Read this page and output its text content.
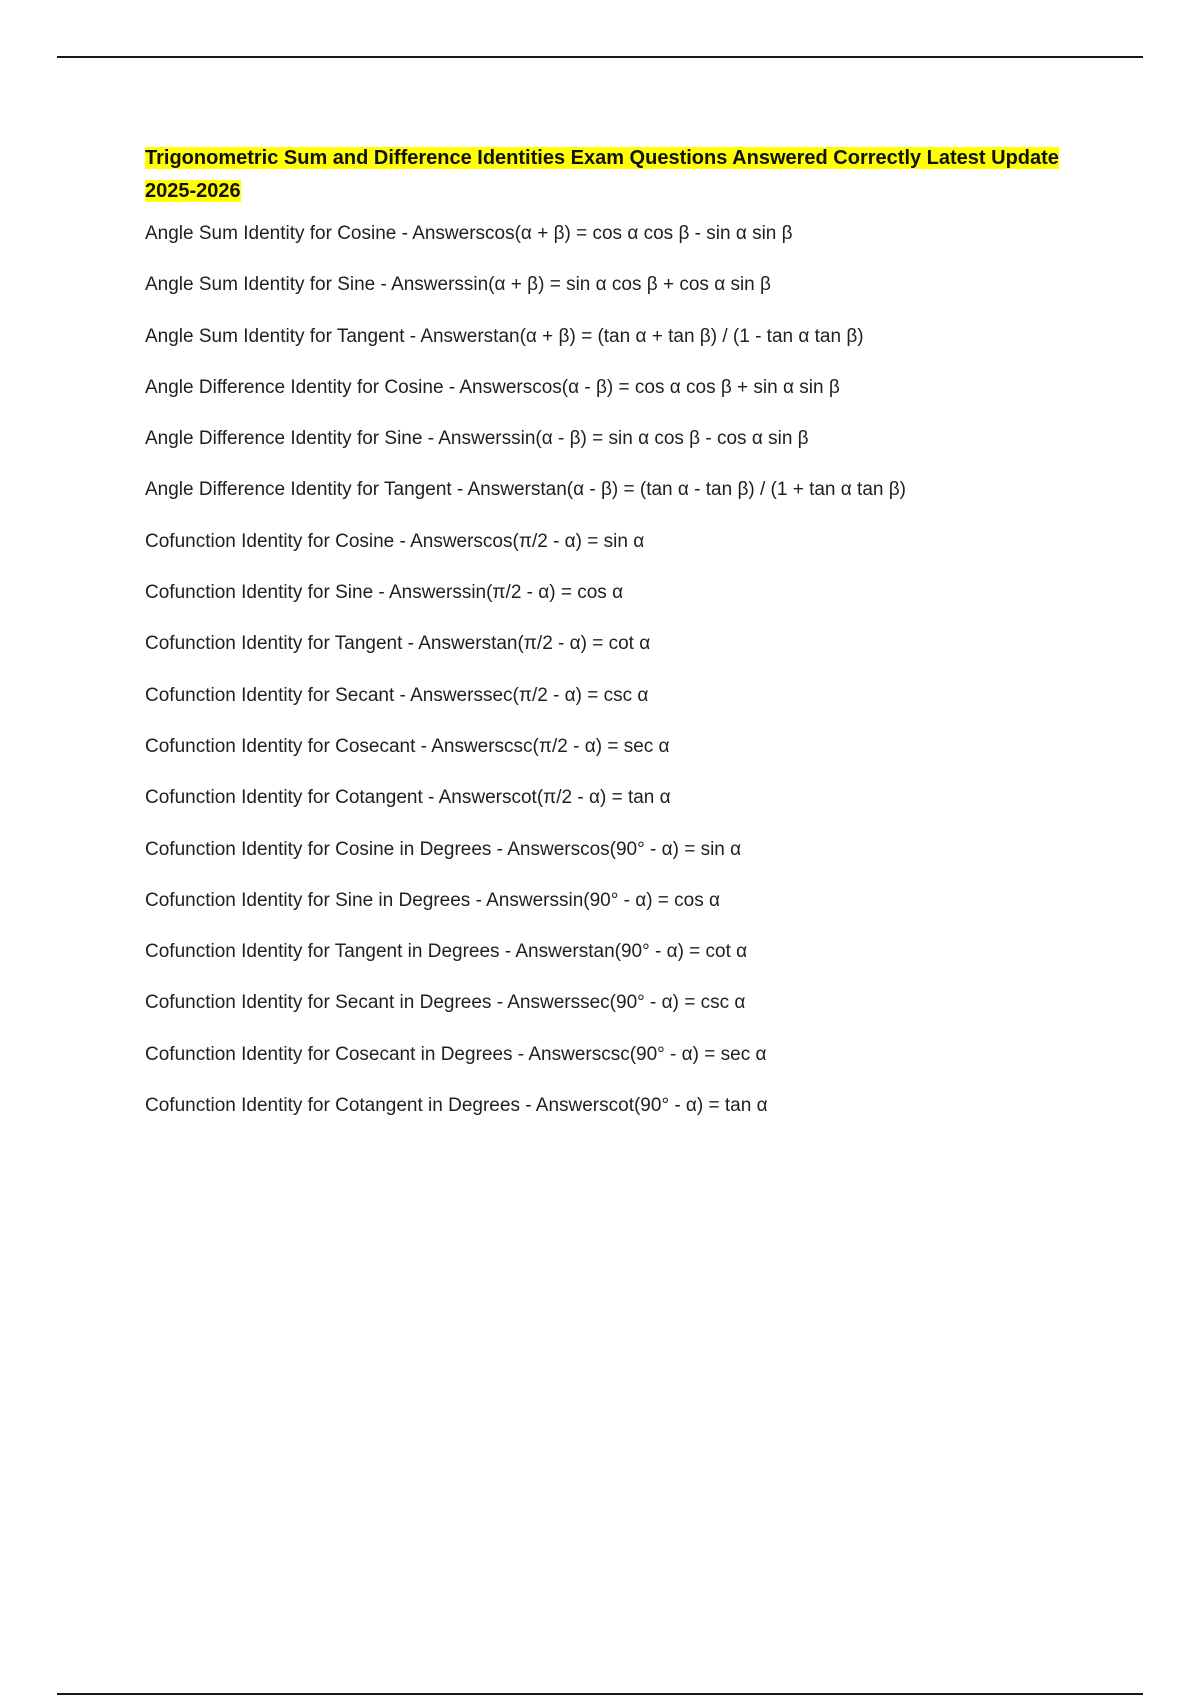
Trigonometric Sum and Difference Identities Exam Questions Answered Correctly Latest Update 2025-2026
Angle Sum Identity for Cosine - Answerscos(α + β) = cos α cos β - sin α sin β
Angle Sum Identity for Sine - Answerssin(α + β) = sin α cos β + cos α sin β
Angle Sum Identity for Tangent - Answerstan(α + β) = (tan α + tan β) / (1 - tan α tan β)
Angle Difference Identity for Cosine - Answerscos(α - β) = cos α cos β + sin α sin β
Angle Difference Identity for Sine - Answerssin(α - β) = sin α cos β - cos α sin β
Angle Difference Identity for Tangent - Answerstan(α - β) = (tan α - tan β) / (1 + tan α tan β)
Cofunction Identity for Cosine - Answerscos(π/2 - α) = sin α
Cofunction Identity for Sine - Answerssin(π/2 - α) = cos α
Cofunction Identity for Tangent - Answerstan(π/2 - α) = cot α
Cofunction Identity for Secant - Answerssec(π/2 - α) = csc α
Cofunction Identity for Cosecant - Answerscsc(π/2 - α) = sec α
Cofunction Identity for Cotangent - Answerscot(π/2 - α) = tan α
Cofunction Identity for Cosine in Degrees - Answerscos(90° - α) = sin α
Cofunction Identity for Sine in Degrees - Answerssin(90° - α) = cos α
Cofunction Identity for Tangent in Degrees - Answerstan(90° - α) = cot α
Cofunction Identity for Secant in Degrees - Answerssec(90° - α) = csc α
Cofunction Identity for Cosecant in Degrees - Answerscsc(90° - α) = sec α
Cofunction Identity for Cotangent in Degrees - Answerscot(90° - α) = tan α
